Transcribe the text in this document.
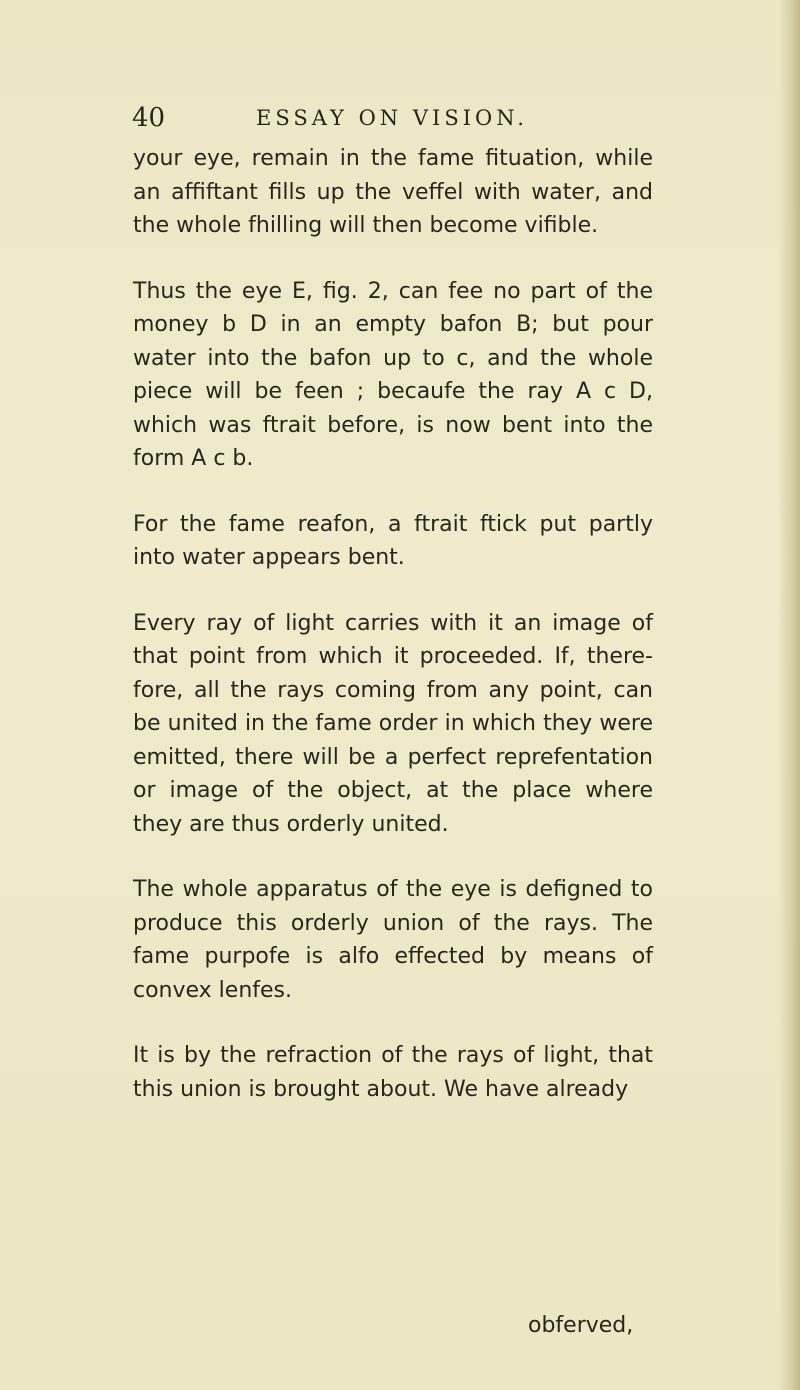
40	ESSAY ON VISION.

your eye, remain in the fame fituation, while an affiftant fills up the veffel with water, and the whole fhilling will then become vifible.

Thus the eye E, fig. 2, can fee no part of the money b D in an empty bafon B; but pour water into the bafon up to c, and the whole piece will be feen ; becaufe the ray A c D, which was ftrait before, is now bent into the form A c b.

For the fame reafon, a ftrait ftick put partly into water appears bent.

Every ray of light carries with it an image of that point from which it proceeded. If, there-fore, all the rays coming from any point, can be united in the fame order in which they were emitted, there will be a perfect reprefentation or image of the object, at the place where they are thus orderly united.

The whole apparatus of the eye is defigned to produce this orderly union of the rays. The fame purpofe is alfo effected by means of convex lenfes.

It is by the refraction of the rays of light, that this union is brought about. We have already

obferved,
